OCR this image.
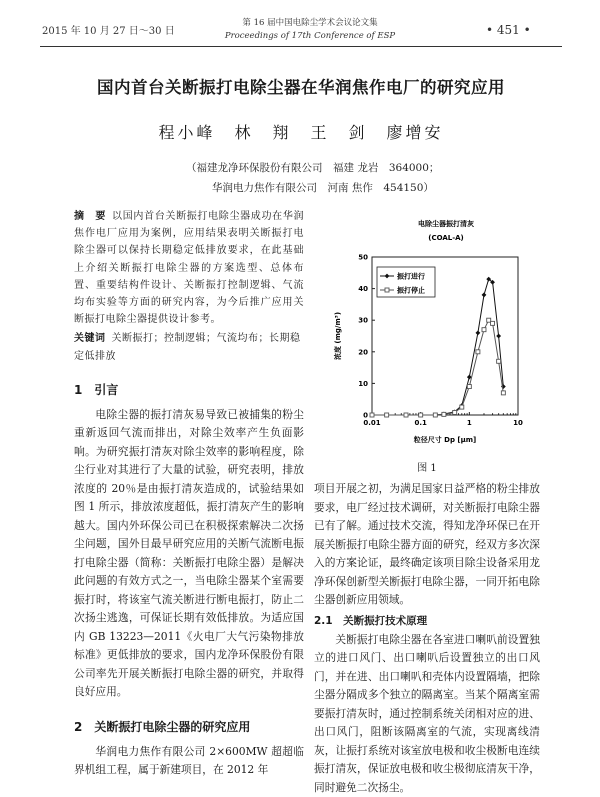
2015 年 10 月 27 日～30 日
第 16 届中国电除尘学术会议论文集
Proceedings of 17th Conference of ESP	• 451 •
国内首台关断振打电除尘器在华润焦作电厂的研究应用
程小峰　林　翔　王　剑　廖增安
（福建龙净环保股份有限公司　福建 龙岩　364000；
华润电力焦作有限公司　河南 焦作　454150）
摘　要 以国内首台关断振打电除尘器成功在华润焦作电厂应用为案例，应用结果表明关断振打电除尘器可以保持长期稳定低排放要求，在此基础上介绍关断振打电除尘器的方案选型、总体布置、重要结构件设计、关断振打控制逻辑、气流均布实验等方面的研究内容，为今后推广应用关断振打电除尘器提供设计参考。
关键词 关断振打；控制逻辑；气流均布；长期稳定低排放
1　引言
电除尘器的振打清灰易导致已被捕集的粉尘重新返回气流而排出，对除尘效率产生负面影响。为研究振打清灰对除尘效率的影响程度，除尘行业对其进行了大量的试验，研究表明，排放浓度的 20％是由振打清灰造成的，试验结果如图 1 所示，排放浓度超低，振打清灰产生的影响越大。国内外环保公司已在积极探索解决二次扬尘问题，国外目最早研究应用的关断气流断电振打电除尘器（简称：关断振打电除尘器）是解决此问题的有效方式之一，当电除尘器某个室需要振打时，将该室气流关断进行断电振打，防止二次扬尘逃逸，可保证长期有效低排放。为适应国内 GB 13223—2011《火电厂大气污染物排放标准》更低排放的要求，国内龙净环保股份有限公司率先开展关断振打电除尘器的研究，并取得良好应用。
2　关断振打电除尘器的研究应用
华润电力焦作有限公司 2×600MW 超超临界机组工程，属于新建项目，在 2012 年
电除尘器振打清灰
(COAL-A)
粒径尺寸 Dp [μm]
浓度 (mg/m³)
0
10
20
30
40
50
0.01	0.1	1	10
振打进行
振打停止
图 1
项目开展之初，为满足国家日益严格的粉尘排放要求，电厂经过技术调研，对关断振打电除尘器已有了解。通过技术交流，得知龙净环保已在开展关断振打电除尘器方面的研究，经双方多次深入的方案论证，最终确定该项目除尘设备采用龙净环保创新型关断振打电除尘器，一同开拓电除尘器创新应用领域。
2.1　关断振打技术原理
关断振打电除尘器在各室进口喇叭前设置独立的进口风门、出口喇叭后设置独立的出口风门，并在进、出口喇叭和壳体内设置隔墙，把除尘器分隔成多个独立的隔离室。当某个隔离室需要振打清灰时，通过控制系统关闭相对应的进、出口风门，阻断该隔离室的气流，实现离线清灰，让振打系统对该室放电极和收尘极断电连续振打清灰，保证放电极和收尘极彻底清灰干净，同时避免二次扬尘。
